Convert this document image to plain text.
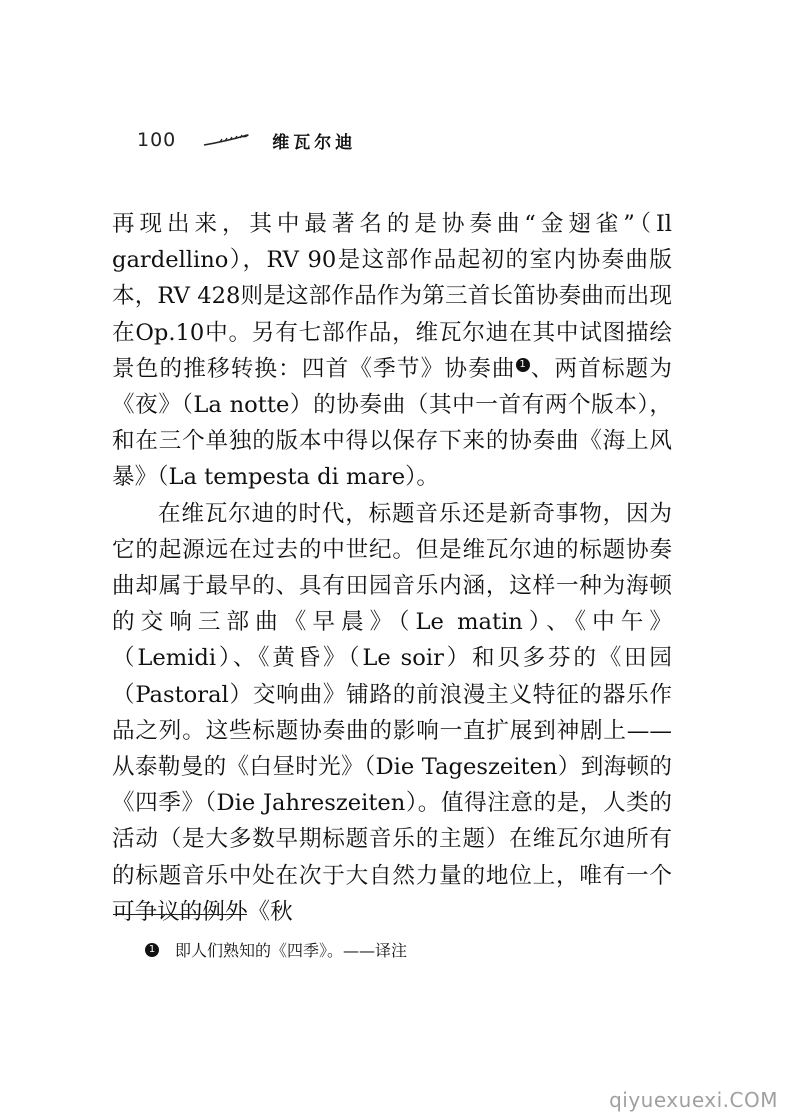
100	维瓦尔迪

再现出来，其中最著名的是协奏曲“金翅雀”（Il gardellino），RV 90是这部作品起初的室内协奏曲版本，RV 428则是这部作品作为第三首长笛协奏曲而出现在Op.10中。另有七部作品，维瓦尔迪在其中试图描绘景色的推移转换：四首《季节》协奏曲 1 、两首标题为《夜》（La notte）的协奏曲（其中一首有两个版本），和在三个单独的版本中得以保存下来的协奏曲《海上风暴》（La tempesta di mare）。

在维瓦尔迪的时代，标题音乐还是新奇事物，因为它的起源远在过去的中世纪。但是维瓦尔迪的标题协奏曲却属于最早的、具有田园音乐内涵，这样一种为海顿的交响三部曲《早晨》（Le matin）、《中午》（Lemidi）、《黄昏》（Le soir）和贝多芬的《田园（Pastoral）交响曲》铺路的前浪漫主义特征的器乐作品之列。这些标题协奏曲的影响一直扩展到神剧上——从泰勒曼的《白昼时光》（Die Tageszeiten）到海顿的《四季》（Die Jahreszeiten）。值得注意的是，人类的活动（是大多数早期标题音乐的主题）在维瓦尔迪所有的标题音乐中处在次于大自然力量的地位上，唯有一个可争议的例外《秋

1 即人们熟知的《四季》。——译注
qiyuexuexi.COM
